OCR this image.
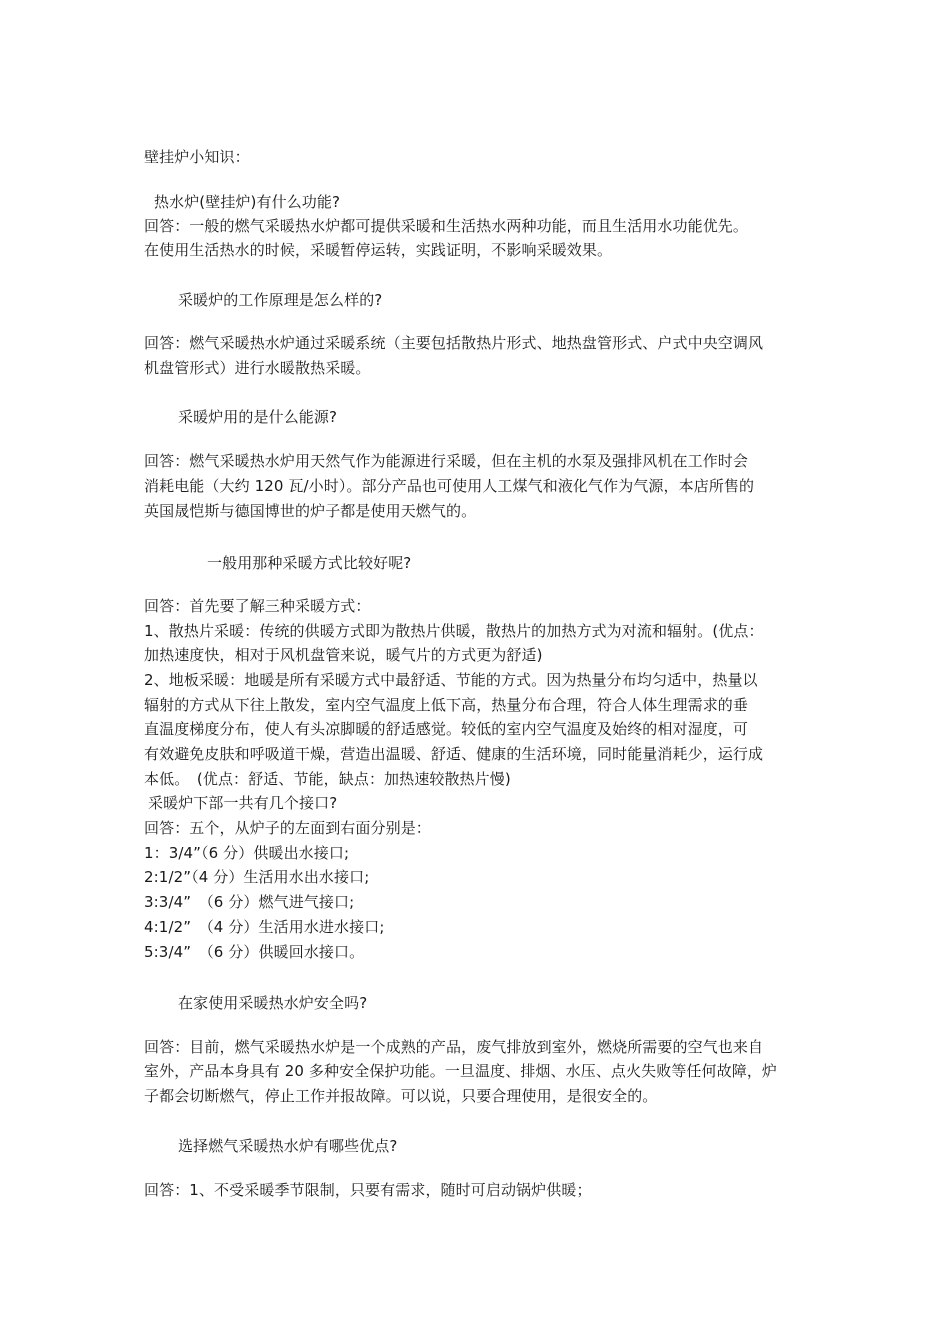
壁挂炉小知识：
热水炉(壁挂炉)有什么功能?
回答：一般的燃气采暖热水炉都可提供采暖和生活热水两种功能，而且生活用水功能优先。
在使用生活热水的时候，采暖暂停运转，实践证明，不影响采暖效果。
采暖炉的工作原理是怎么样的?
回答：燃气采暖热水炉通过采暖系统（主要包括散热片形式、地热盘管形式、户式中央空调风
机盘管形式）进行水暖散热采暖。
采暖炉用的是什么能源?
回答：燃气采暖热水炉用天然气作为能源进行采暖，但在主机的水泵及强排风机在工作时会
消耗电能（大约 120 瓦/小时）。部分产品也可使用人工煤气和液化气作为气源，本店所售的
英国晟恺斯与德国博世的炉子都是使用天燃气的。
一般用那种采暖方式比较好呢?
回答：首先要了解三种采暖方式：
1、散热片采暖：传统的供暖方式即为散热片供暖，散热片的加热方式为对流和辐射。(优点：
加热速度快，相对于风机盘管来说，暖气片的方式更为舒适)
2、地板采暖：地暖是所有采暖方式中最舒适、节能的方式。因为热量分布均匀适中，热量以
辐射的方式从下往上散发，室内空气温度上低下高，热量分布合理，符合人体生理需求的垂
直温度梯度分布，使人有头凉脚暖的舒适感觉。较低的室内空气温度及始终的相对湿度，可
有效避免皮肤和呼吸道干燥，营造出温暖、舒适、健康的生活环境，同时能量消耗少，运行成
本低。　(优点：舒适、节能，缺点：加热速较散热片慢)
采暖炉下部一共有几个接口?
回答：五个，从炉子的左面到右面分别是：
1：3/4”（6 分）供暖出水接口;
2:1/2”（4 分）生活用水出水接口;
3:3/4”　（6 分）燃气进气接口;
4:1/2”　（4 分）生活用水进水接口;
5:3/4”　（6 分）供暖回水接口。
在家使用采暖热水炉安全吗?
回答：目前，燃气采暖热水炉是一个成熟的产品，废气排放到室外，燃烧所需要的空气也来自
室外，产品本身具有 20 多种安全保护功能。一旦温度、排烟、水压、点火失败等任何故障，炉
子都会切断燃气，停止工作并报故障。可以说，只要合理使用，是很安全的。
选择燃气采暖热水炉有哪些优点?
回答：1、不受采暖季节限制，只要有需求，随时可启动锅炉供暖；
